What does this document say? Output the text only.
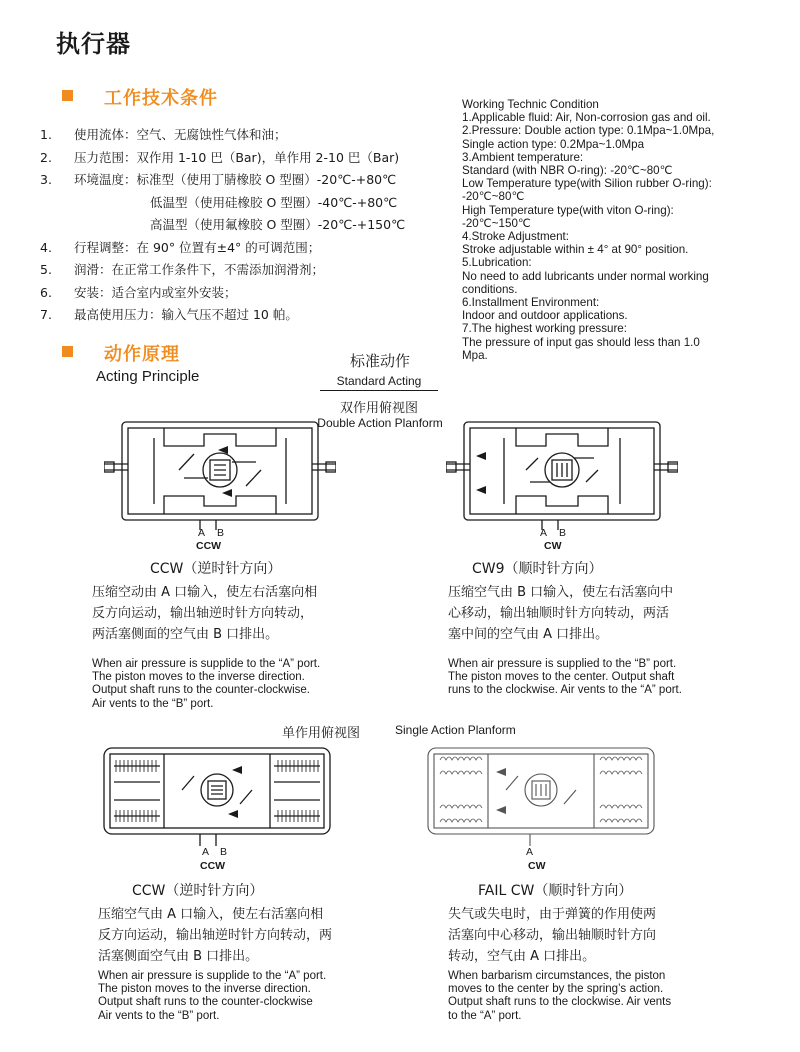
执行器
工作技术条件
1.	使用流体：空气、无腐蚀性气体和油；
2.	压力范围：双作用 1-10 巴（Bar)，单作用 2-10 巴（Bar)
3.	环境温度：标准型（使用丁腈橡胶 O 型圈）-20℃-+80℃
低温型（使用硅橡胶 O 型圈）-40℃-+80℃
高温型（使用氟橡胶 O 型圈）-20℃-+150℃
4.	行程调整：在 90° 位置有±4° 的可调范围；
5.	润滑：在正常工作条件下，不需添加润滑剂；
6.	安装：适合室内或室外安装；
7.	最高使用压力：输入气压不超过 10 帕。
Working Technic Condition
1.Applicable fluid: Air, Non-corrosion gas and oil.
2.Pressure: Double action type: 0.1Mpa~1.0Mpa,
Single action type: 0.2Mpa~1.0Mpa
3.Ambient temperature:
Standard (with NBR O-ring): -20℃~80℃
Low Temperature type(with Silion rubber O-ring):
-20℃~80℃
High Temperature type(with viton O-ring):
-20℃~150℃
4.Stroke Adjustment:
Stroke adjustable within ± 4° at 90° position.
5.Lubrication:
No need to add lubricants under normal working
conditions.
6.Installment Environment:
Indoor and outdoor applications.
7.The highest working pressure:
The pressure of input gas should less than 1.0
Mpa.
动作原理
Acting Principle
标准动作
Standard Acting
双作用俯视图
Double Action Planform
A B
CCW
A B
CW
CCW（逆时针方向）
压缩空动由 A 口输入，使左右活塞向相
反方向运动，输出轴逆时针方向转动，
两活塞侧面的空气由 B 口排出。
When air pressure is supplide to the “A” port.
The piston moves to the inverse direction.
Output shaft runs to the counter-clockwise.
Air vents to the “B” port.
CW9（顺时针方向）
压缩空气由 B 口输入，使左右活塞向中
心移动，输出轴顺时针方向转动，两活
塞中间的空气由 A 口排出。
When air pressure is supplied to the “B” port.
The piston moves to the center. Output shaft
runs to the clockwise. Air vents to the “A” port.
单作用俯视图	Single Action Planform
A B
CCW
A
CW
CCW（逆时针方向）
压缩空气由 A 口输入，使左右活塞向相
反方向运动，输出轴逆时针方向转动，两
活塞侧面空气由 B 口排出。
When air pressure is supplide to the “A” port.
The piston moves to the inverse direction.
Output shaft runs to the counter-clockwise
Air vents to the “B” port.
FAIL CW（顺时针方向）
失气或失电时，由于弹簧的作用使两
活塞向中心移动，输出轴顺时针方向
转动，空气由 A 口排出。
When barbarism circumstances, the piston
moves to the center by the spring’s action.
Output shaft runs to the clockwise. Air vents
to the “A” port.
